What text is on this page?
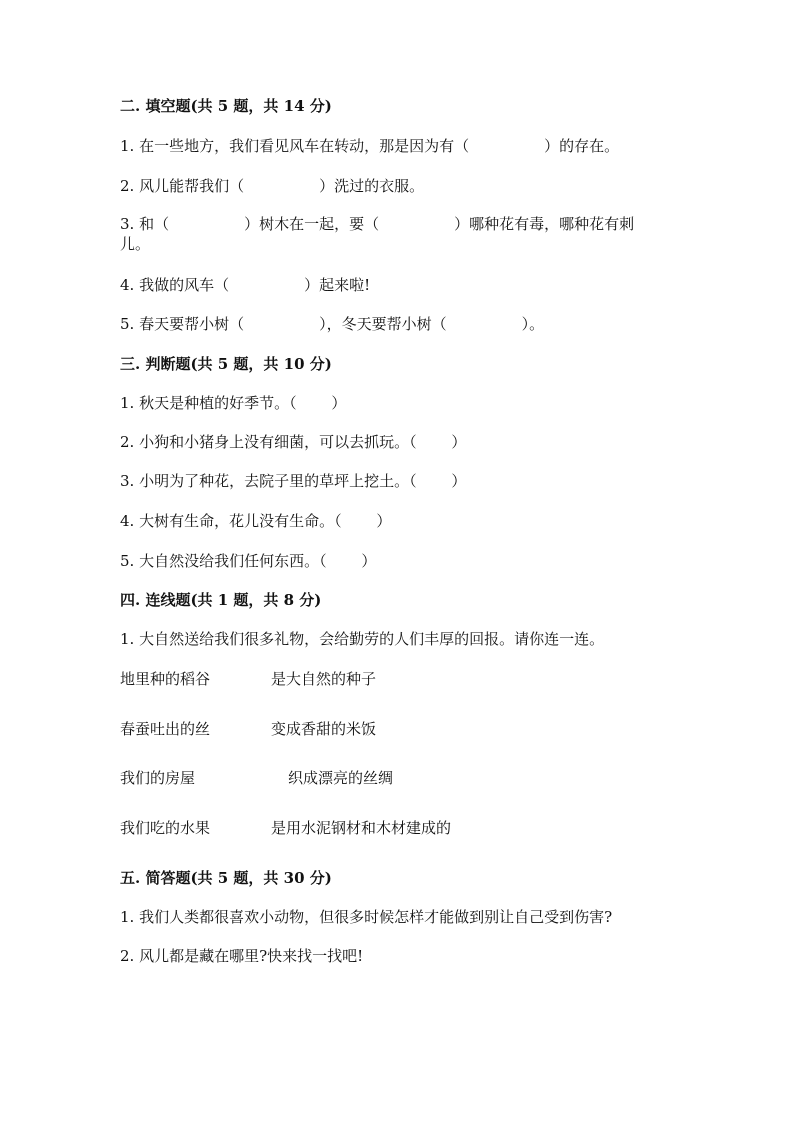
二. 填空题(共 5 题，共 14 分)
1. 在一些地方，我们看见风车在转动，那是因为有（　　　　　）的存在。
2. 风儿能帮我们（　　　　　）洗过的衣服。
3. 和（　　　　　）树木在一起，要（　　　　　）哪种花有毒，哪种花有刺儿。
4. 我做的风车（　　　　　）起来啦!
5. 春天要帮小树（　　　　　），冬天要帮小树（　　　　　）。
三. 判断题(共 5 题，共 10 分)
1. 秋天是种植的好季节。（　　 ）
2. 小狗和小猪身上没有细菌，可以去抓玩。（　　 ）
3. 小明为了种花，去院子里的草坪上挖土。（　　 ）
4. 大树有生命，花儿没有生命。（　　 ）
5. 大自然没给我们任何东西。（　　 ）
四. 连线题(共 1 题，共 8 分)
1. 大自然送给我们很多礼物，会给勤劳的人们丰厚的回报。请你连一连。
地里种的稻谷	是大自然的种子
春蚕吐出的丝	变成香甜的米饭
我们的房屋	织成漂亮的丝绸
我们吃的水果	是用水泥钢材和木材建成的
五. 简答题(共 5 题，共 30 分)
1. 我们人类都很喜欢小动物，但很多时候怎样才能做到别让自己受到伤害?
2. 风儿都是藏在哪里?快来找一找吧!
